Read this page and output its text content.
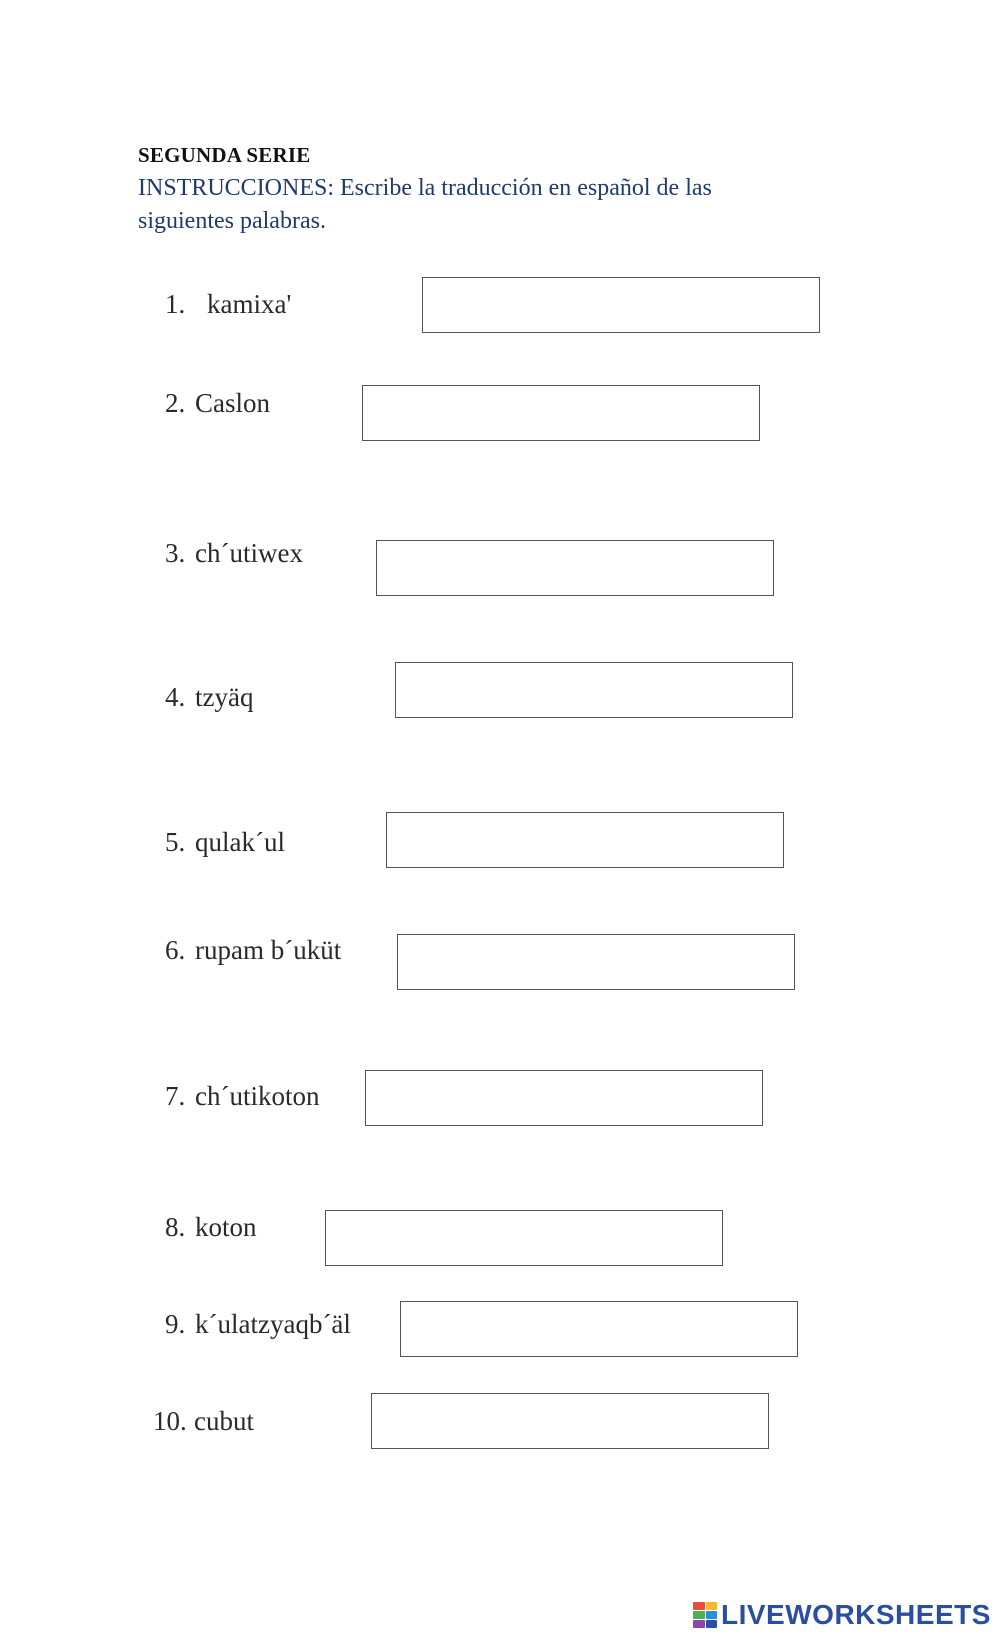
SEGUNDA SERIE
INSTRUCCIONES: Escribe la traducción en español de las siguientes palabras.
1. kamixa'
2. Caslon
3. ch´utiwex
4. tzyäq
5. qulak´ul
6. rupam b´uküt
7. ch´utikoton
8. koton
9. k´ulatzyaqb´äl
10. cubut
LIVEWORKSHEETS
